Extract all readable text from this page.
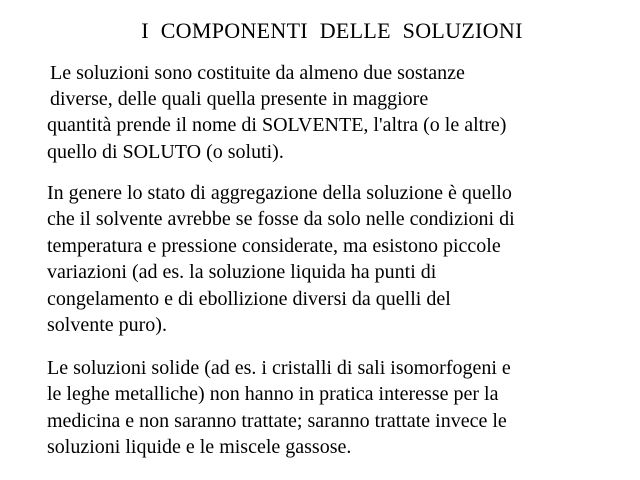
I COMPONENTI DELLE SOLUZIONI
Le soluzioni sono costituite da almeno due sostanze
diverse, delle quali quella presente in maggiore
quantità prende il nome di SOLVENTE, l'altra (o le altre)
quello di SOLUTO (o soluti).
In genere lo stato di aggregazione della soluzione è quello
che il solvente avrebbe se fosse da solo nelle condizioni di
temperatura e pressione considerate, ma esistono piccole
variazioni (ad es. la soluzione liquida ha punti di
congelamento e di ebollizione diversi da quelli del
solvente puro).
Le soluzioni solide (ad es. i cristalli di sali isomorfogeni e
le leghe metalliche) non hanno in pratica interesse per la
medicina e non saranno trattate; saranno trattate invece le
soluzioni liquide e le miscele gassose.
